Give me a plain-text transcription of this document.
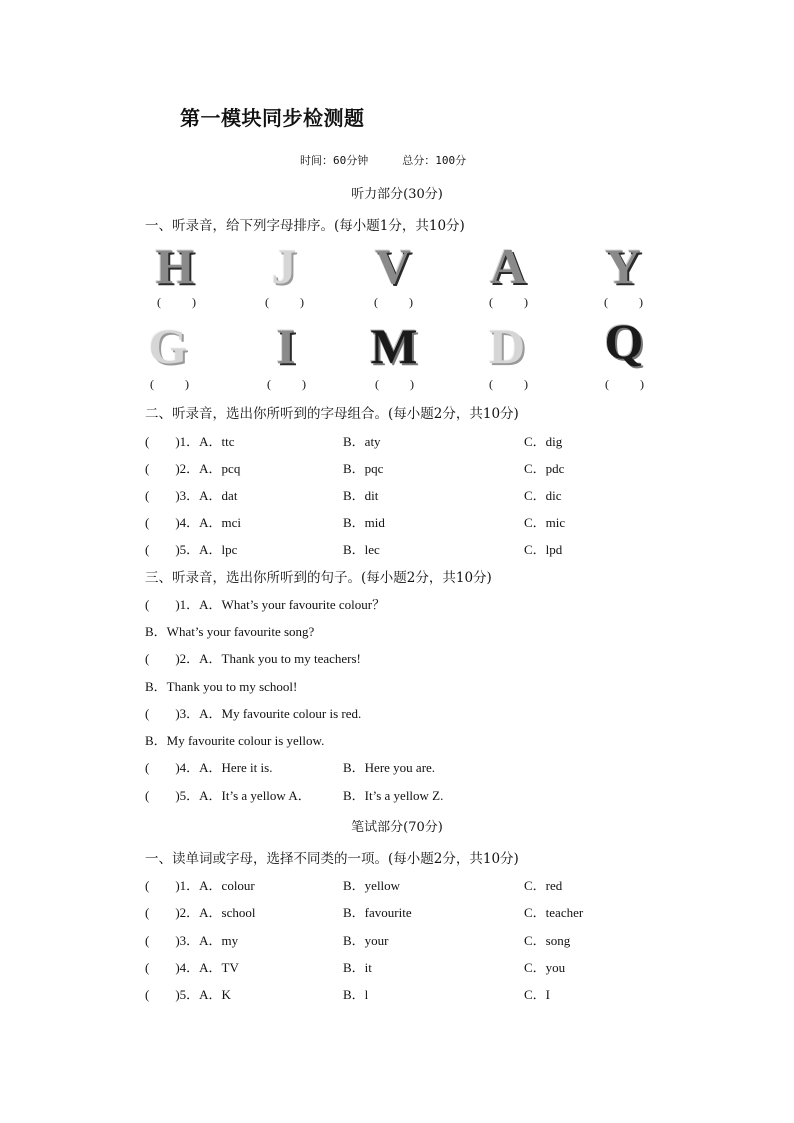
第一模块同步检测题
时间：60分钟	总分：100分
听力部分(30分)
一、听录音，给下列字母排序。(每小题1分，共10分)
H	J	V A Y
( )	( )	( )	( )	( )
G	I	M D Q
( )	( )	( )	( )	( )
二、听录音，选出你所听到的字母组合。(每小题2分，共10分)
(　　)1．A．ttc	B．aty	C．dig
(　　)2．A．pcq	B．pqc	C．pdc
(　　)3．A．dat	B．dit	C．dic
(　　)4．A．mci	B．mid	C．mic
(　　)5．A．lpc	B．lec	C．lpd
三、听录音，选出你所听到的句子。(每小题2分，共10分)
(　　)1．A．What’s your favourite colour？
B．What’s your favourite song?
(　　)2．A．Thank you to my teachers!
B．Thank you to my school!
(　　)3．A．My favourite colour is red.
B．My favourite colour is yellow.
(　　)4．A．Here it is.	B．Here you are.
(　　)5．A．It’s a yellow A． B．It’s a yellow Z.
笔试部分(70分)
一、读单词或字母，选择不同类的一项。(每小题2分，共10分)
(　　)1．A．colour	B．yellow	C．red
(　　)2．A．school	B．favourite	C．teacher
(　　)3．A．my	B．your	C．song
(　　)4．A．TV	B．it	C．you
(　　)5．A．K	B．l	C．I
